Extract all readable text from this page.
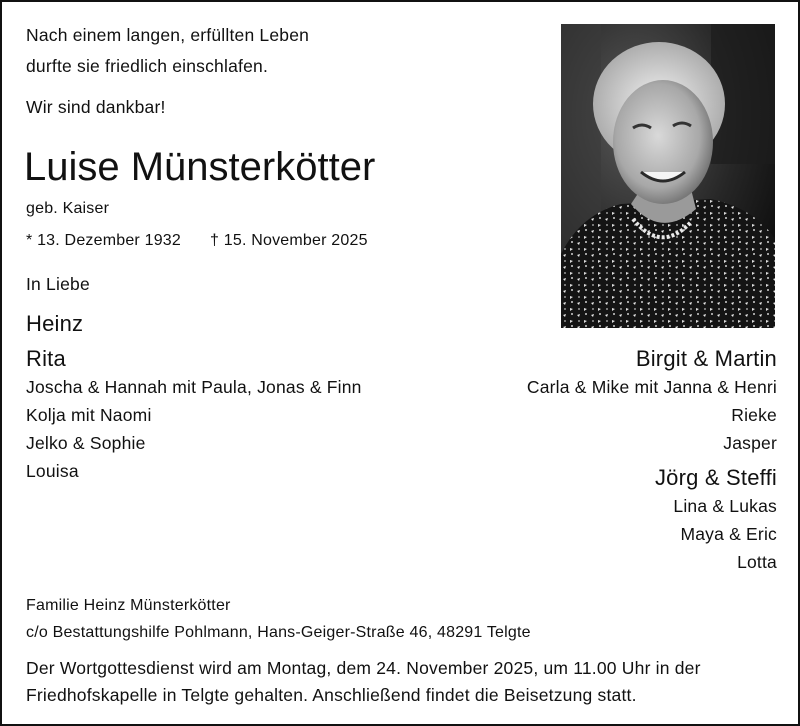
Nach einem langen, erfüllten Leben
durfte sie friedlich einschlafen.
Wir sind dankbar!
Luise Münsterkötter
geb. Kaiser
* 13. Dezember 1932 † 15. November 2025
In Liebe
Heinz
Rita
Joscha & Hannah mit Paula, Jonas & Finn
Kolja mit Naomi
Jelko & Sophie
Louisa
Birgit & Martin
Carla & Mike mit Janna & Henri
Rieke
Jasper
Jörg & Steffi
Lina & Lukas
Maya & Eric
Lotta
Familie Heinz Münsterkötter
c/o Bestattungshilfe Pohlmann, Hans-Geiger-Straße 46, 48291 Telgte
Der Wortgottesdienst wird am Montag, dem 24. November 2025, um 11.00 Uhr in der
Friedhofskapelle in Telgte gehalten. Anschließend findet die Beisetzung statt.
